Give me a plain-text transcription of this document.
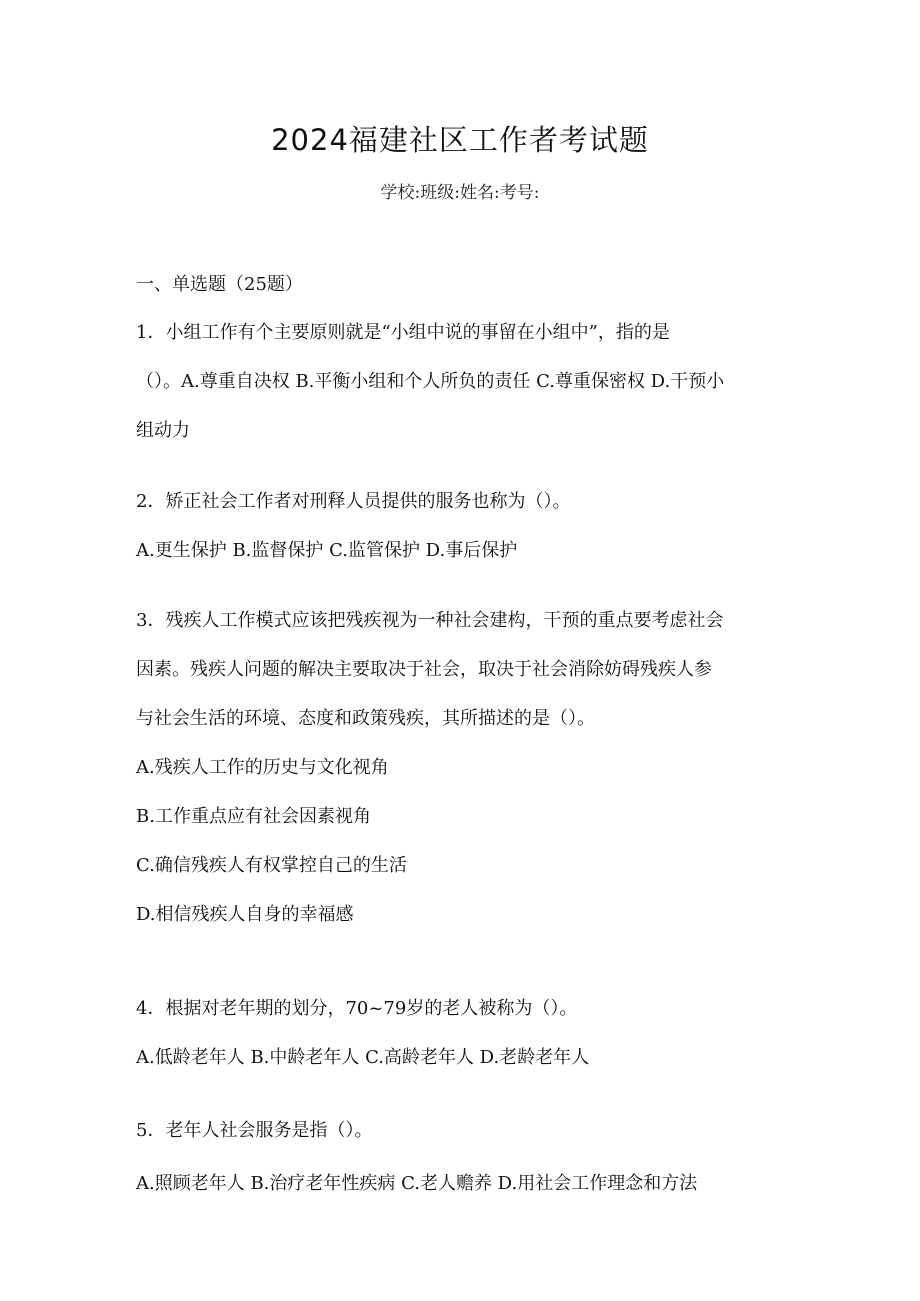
2024福建社区工作者考试题
学校:班级:姓名:考号:
一、单选题（25题）
1．小组工作有个主要原则就是“小组中说的事留在小组中”，指的是
（）。A.尊重自决权 B.平衡小组和个人所负的责任 C.尊重保密权 D.干预小
组动力
2．矫正社会工作者对刑释人员提供的服务也称为（）。
A.更生保护 B.监督保护 C.监管保护 D.事后保护
3．残疾人工作模式应该把残疾视为一种社会建构，干预的重点要考虑社会
因素。残疾人问题的解决主要取决于社会，取决于社会消除妨碍残疾人参
与社会生活的环境、态度和政策残疾，其所描述的是（）。
A.残疾人工作的历史与文化视角
B.工作重点应有社会因素视角
C.确信残疾人有权掌控自己的生活
D.相信残疾人自身的幸福感
4．根据对老年期的划分，70~79岁的老人被称为（）。
A.低龄老年人 B.中龄老年人 C.高龄老年人 D.老龄老年人
5．老年人社会服务是指（）。
A.照顾老年人 B.治疗老年性疾病 C.老人赡养 D.用社会工作理念和方法
